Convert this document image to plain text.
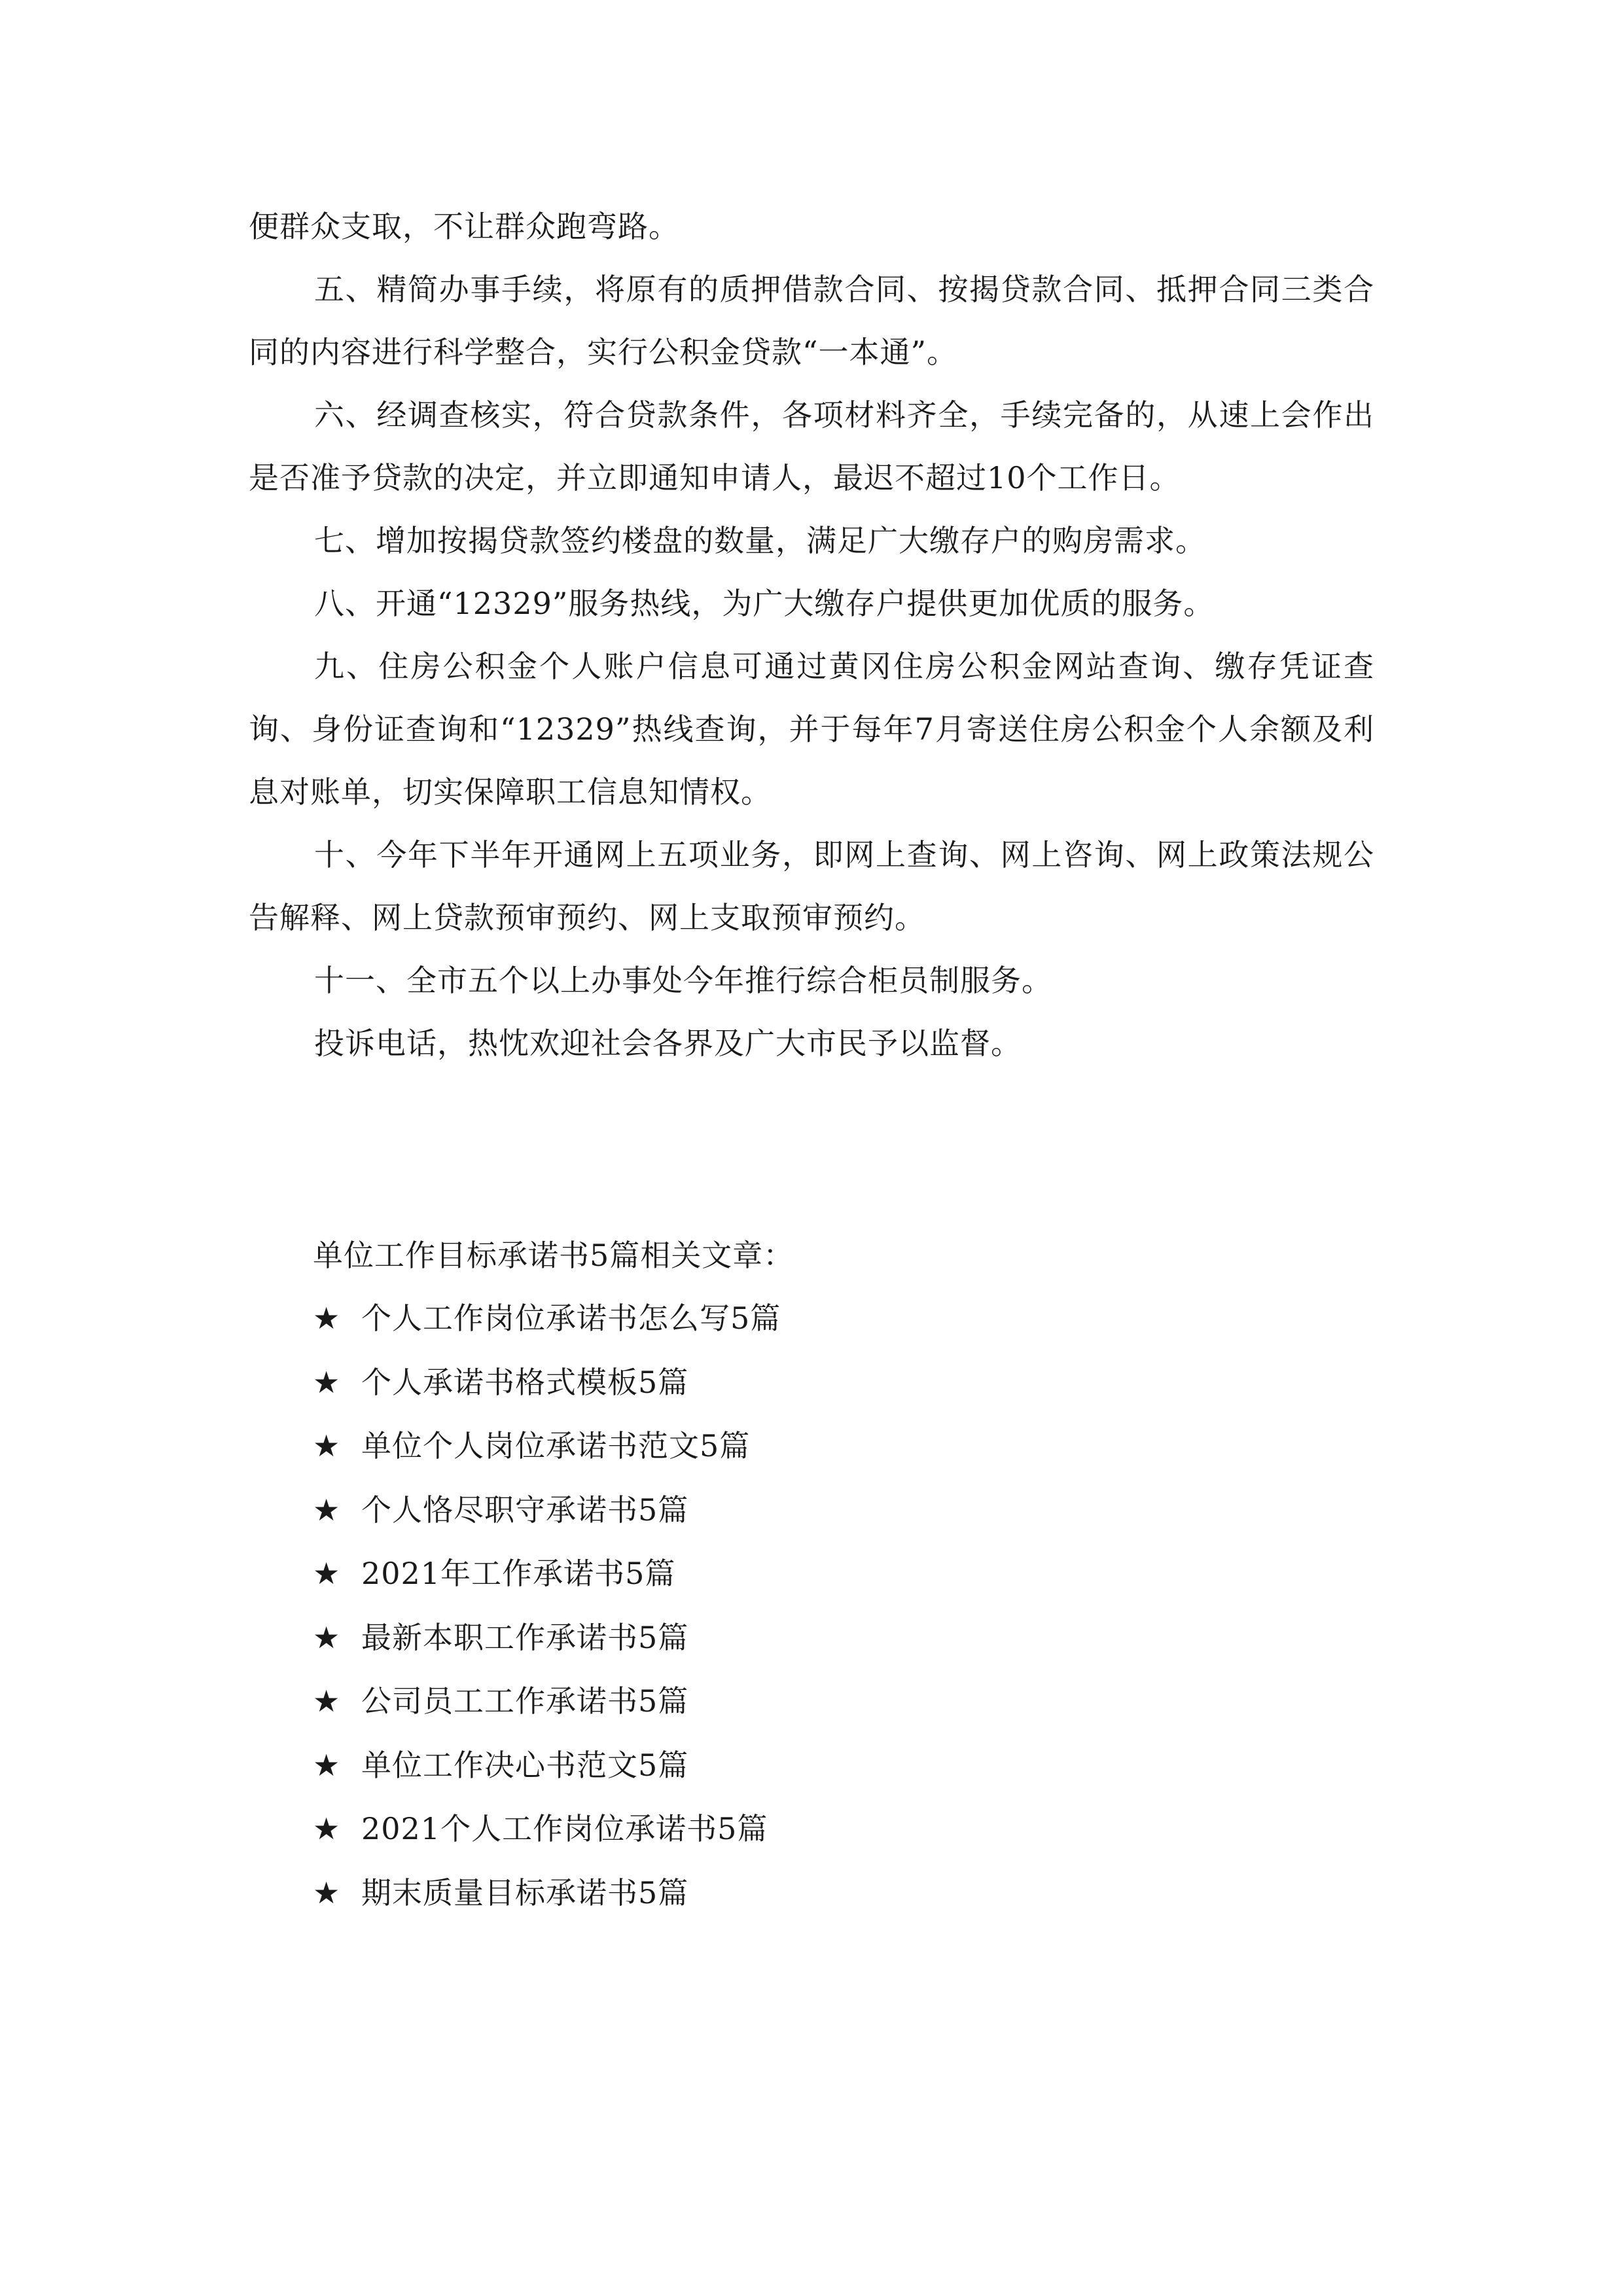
便群众支取，不让群众跑弯路。

五、精简办事手续，将原有的质押借款合同、按揭贷款合同、抵押合同三类合同的内容进行科学整合，实行公积金贷款“一本通”。

六、经调查核实，符合贷款条件，各项材料齐全，手续完备的，从速上会作出是否准予贷款的决定，并立即通知申请人，最迟不超过10个工作日。

七、增加按揭贷款签约楼盘的数量，满足广大缴存户的购房需求。

八、开通“12329”服务热线，为广大缴存户提供更加优质的服务。

九、住房公积金个人账户信息可通过黄冈住房公积金网站查询、缴存凭证查询、身份证查询和“12329”热线查询，并于每年7月寄送住房公积金个人余额及利息对账单，切实保障职工信息知情权。

十、今年下半年开通网上五项业务，即网上查询、网上咨询、网上政策法规公告解释、网上贷款预审预约、网上支取预审预约。

十一、全市五个以上办事处今年推行综合柜员制服务。

投诉电话，热忱欢迎社会各界及广大市民予以监督。

单位工作目标承诺书5篇相关文章：

★ 个人工作岗位承诺书怎么写5篇
★ 个人承诺书格式模板5篇
★ 单位个人岗位承诺书范文5篇
★ 个人恪尽职守承诺书5篇
★ 2021年工作承诺书5篇
★ 最新本职工作承诺书5篇
★ 公司员工工作承诺书5篇
★ 单位工作决心书范文5篇
★ 2021个人工作岗位承诺书5篇
★ 期末质量目标承诺书5篇
